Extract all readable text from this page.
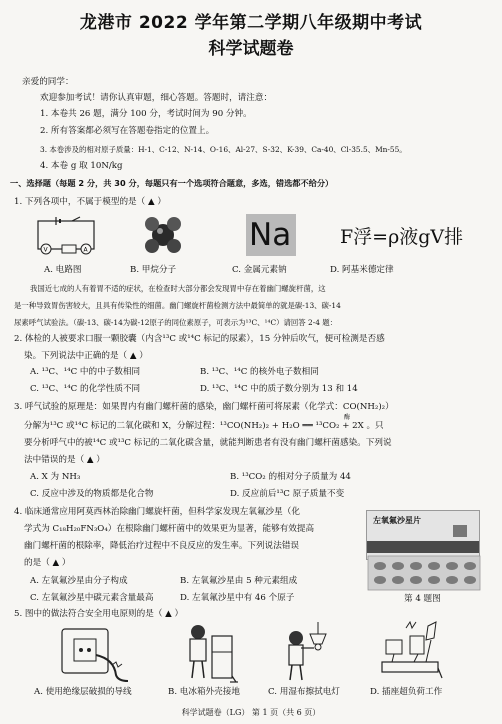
龙港市 2022 学年第二学期八年级期中考试
科学试题卷
亲爱的同学：
欢迎参加考试！请你认真审题，细心答题。答题时，请注意：
1. 本卷共 26 题，满分 100 分，考试时间为 90 分钟。
2. 所有答案都必须写在答题卷指定的位置上。
3. 本卷涉及的相对原子质量：H-1、C-12、N-14、O-16、Al-27、S-32、K-39、Ca-40、Cl-35.5、Mn-55。
4. 本卷 g 取 10N/kg
一、选择题（每题 2 分，共 30 分，每题只有一个选项符合题意，多选，错选都不给分）
1. 下列各项中，不属于模型的是（ ▲ ）
V	A	Na	F浮=ρ液gV排
A. 电路图	B. 甲烷分子	C. 金属元素钠	D. 阿基米德定律
我国近七成的人有着胃不适的症状，在检查时大部分都会发现胃中存在着幽门螺旋杆菌，这
是一种导致胃伤害较大，且具有传染性的细菌。幽门螺旋杆菌检测方法中最简单的就是碳-13、碳-14
尿素呼气试验法。（碳-13、碳-14为碳-12原子的同位素原子，可表示为¹³C、¹⁴C）请回答 2-4 题：
2. 体检的人被要求口服一颗胶囊（内含¹³C 或¹⁴C 标记的尿素），15 分钟后吹气，便可检测是否感
染。下列说法中正确的是（ ▲ ）
A. ¹³C、¹⁴C 中的中子数相同	B. ¹³C、¹⁴C 的核外电子数相同
C. ¹³C、¹⁴C 的化学性质不同	D. ¹³C、¹⁴C 中的质子数分别为 13 和 14
3. 呼气试验的原理是：如果胃内有幽门螺杆菌的感染，幽门螺杆菌可将尿素（化学式：CO(NH₂)₂）
分解为¹³C 或¹⁴C 标记的二氧化碳和 X，分解过程：¹³CO(NH₂)₂ + H₂O ══ ¹³CO₂ + 2X 。只
酶
要分析呼气中的被¹⁴C 或¹³C 标记的二氧化碳含量，就能判断患者有没有幽门螺杆菌感染。下列说
法中错误的是（ ▲ ）
A. X 为 NH₃	B. ¹³CO₂ 的相对分子质量为 44
C. 反应中涉及的物质都是化合物	D. 反应前后¹³C 原子质量不变
4. 临床通常应用阿莫西林治除幽门螺旋杆菌，但科学家发现左氧氟沙星（化
学式为 C₁₈H₂₀FN₃O₄）在根除幽门螺杆菌中的效果更为显著，能够有效提高
幽门螺杆菌的根除率，降低治疗过程中不良反应的发生率。下列说法错误
的是（ ▲ ）
A. 左氧氟沙星由分子构成	B. 左氧氟沙星由 5 种元素组成
C. 左氧氟沙星中碳元素含量最高	D. 左氧氟沙星中有 46 个原子
左氧氟沙星片
第 4 题图
5. 图中的做法符合安全用电原则的是（ ▲ ）
A. 使用绝缘层破损的导线	B. 电冰箱外壳接地	C. 用湿布擦拭电灯	D. 插座超负荷工作
科学试题卷（LG） 第 1 页（共 6 页）
